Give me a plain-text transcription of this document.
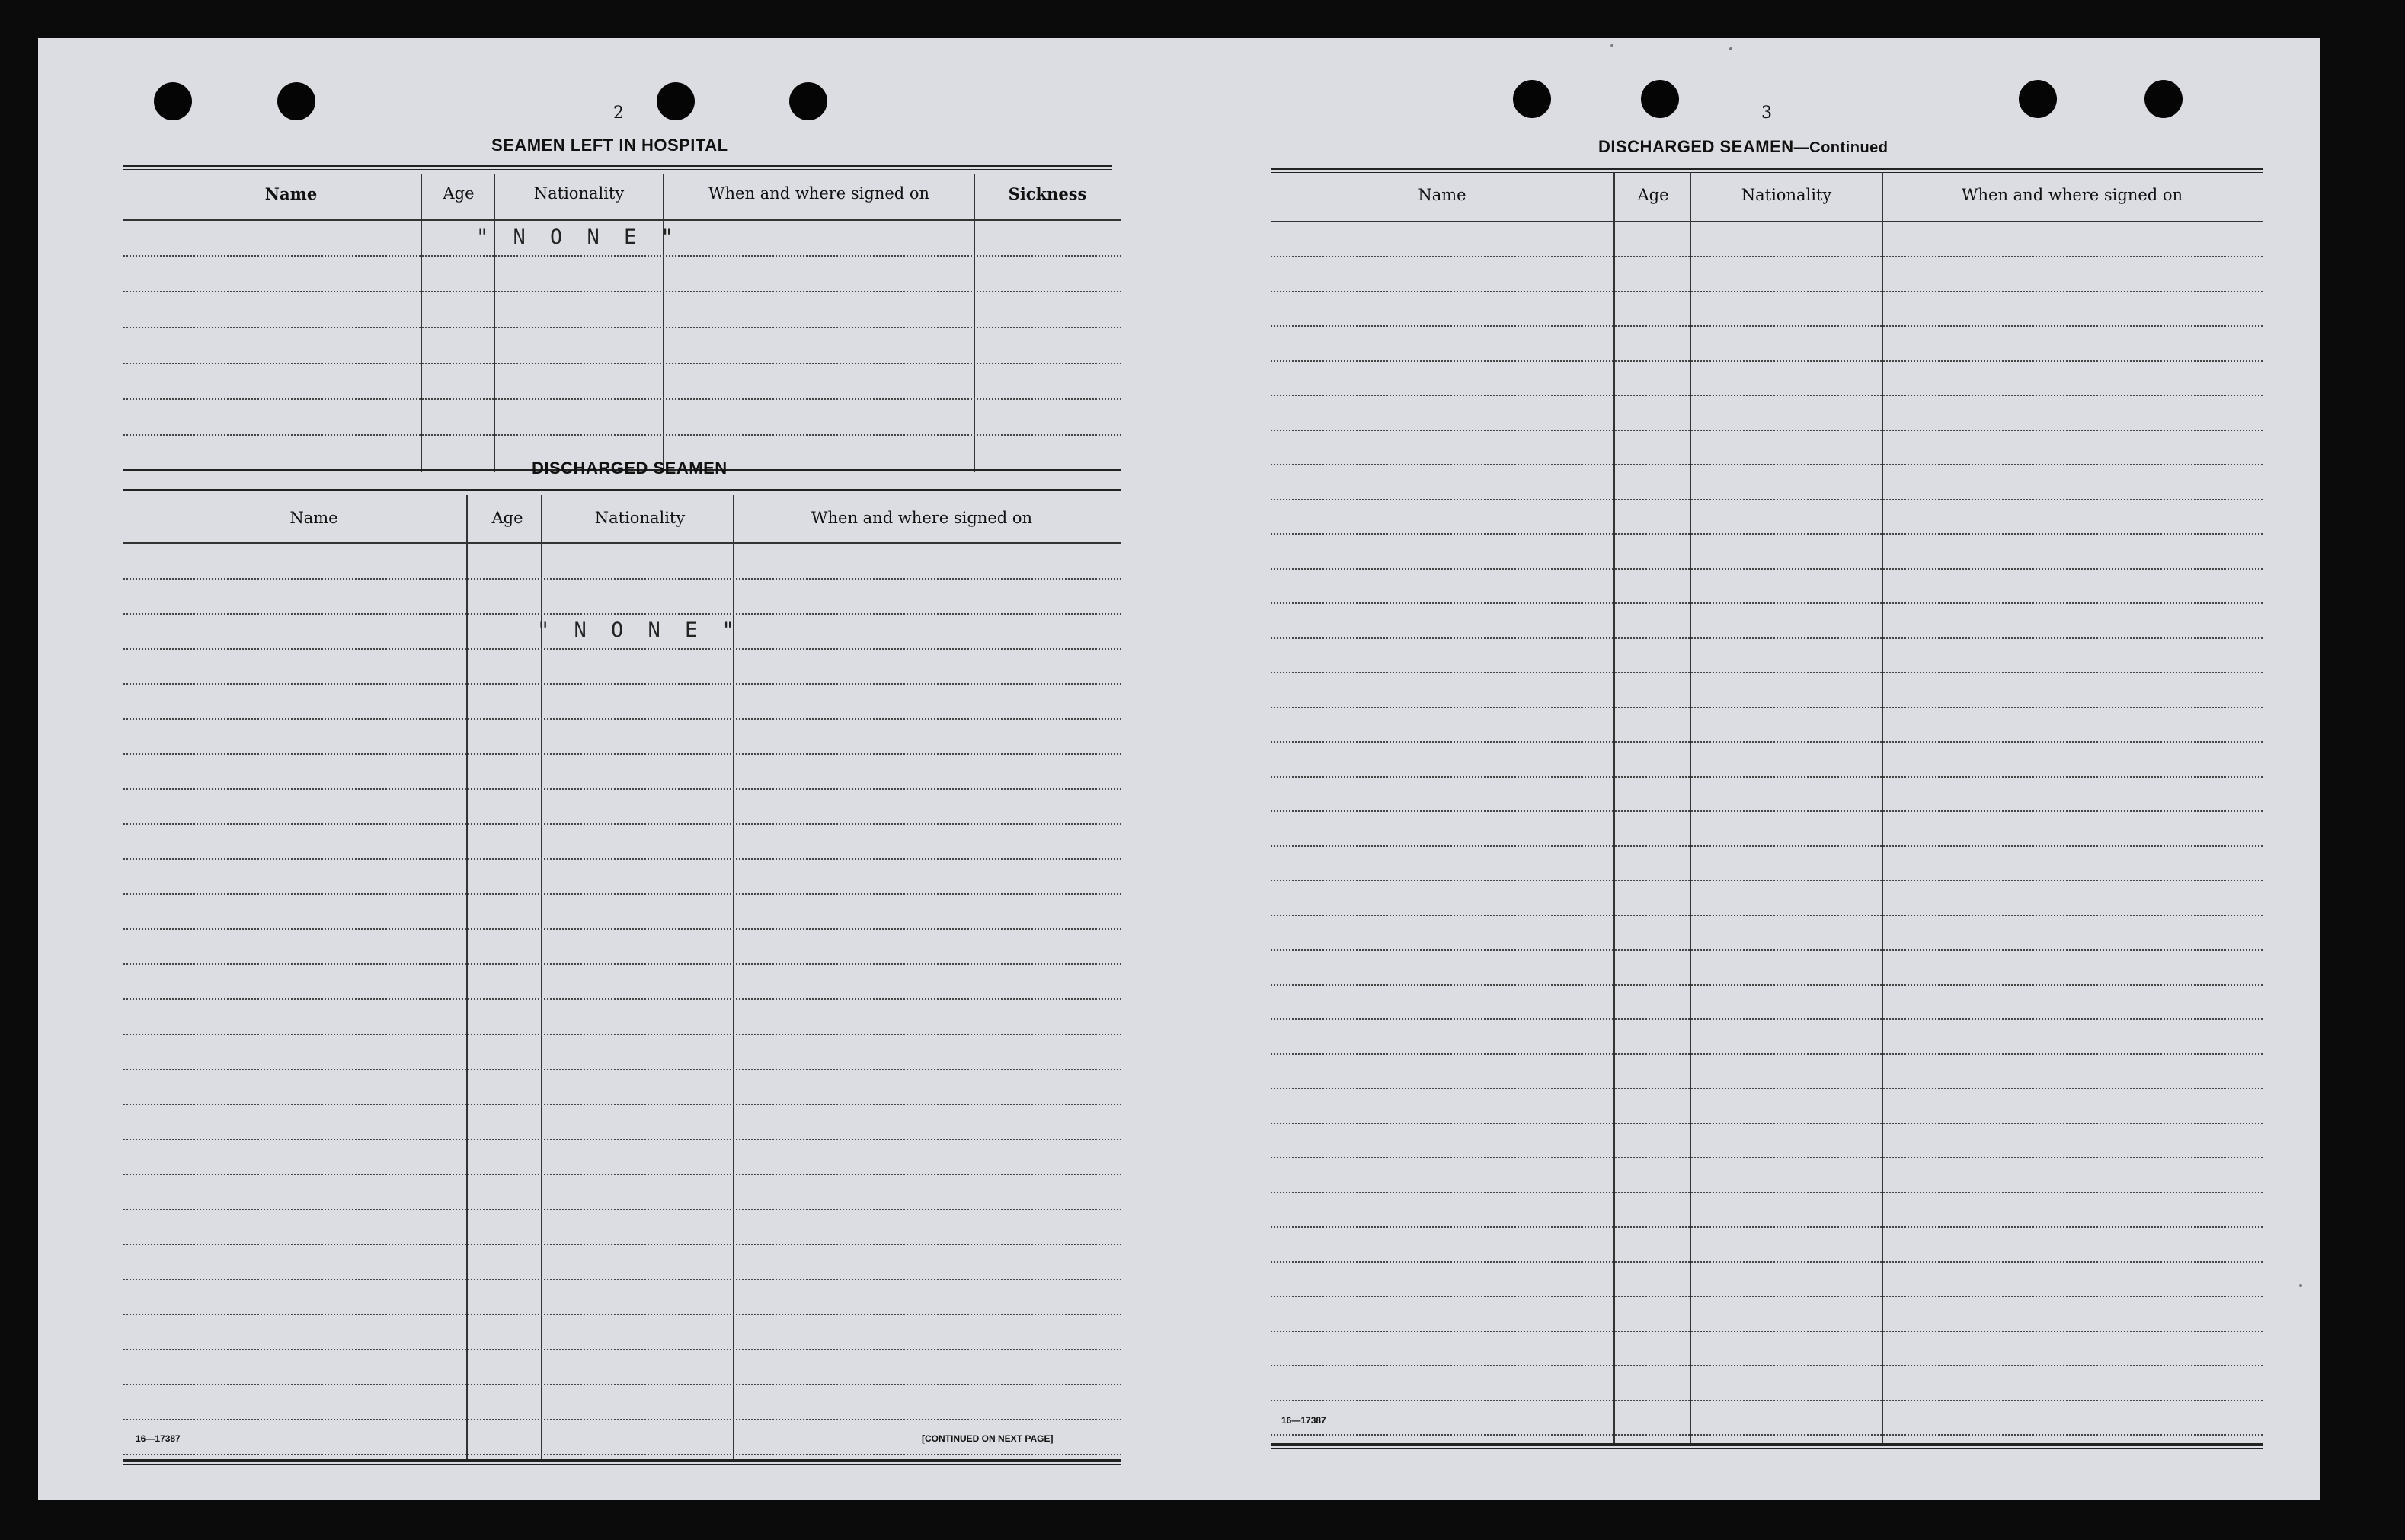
2
SEAMEN LEFT IN HOSPITAL
Name	Age	Nationality	When and where signed on	Sickness
" N O N E "
DISCHARGED SEAMEN
Name	Age	Nationality	When and where signed on
" N O N E "
16—17387	[CONTINUED ON NEXT PAGE]
3
DISCHARGED SEAMEN—Continued
Name	Age	Nationality	When and where signed on
16—17387
